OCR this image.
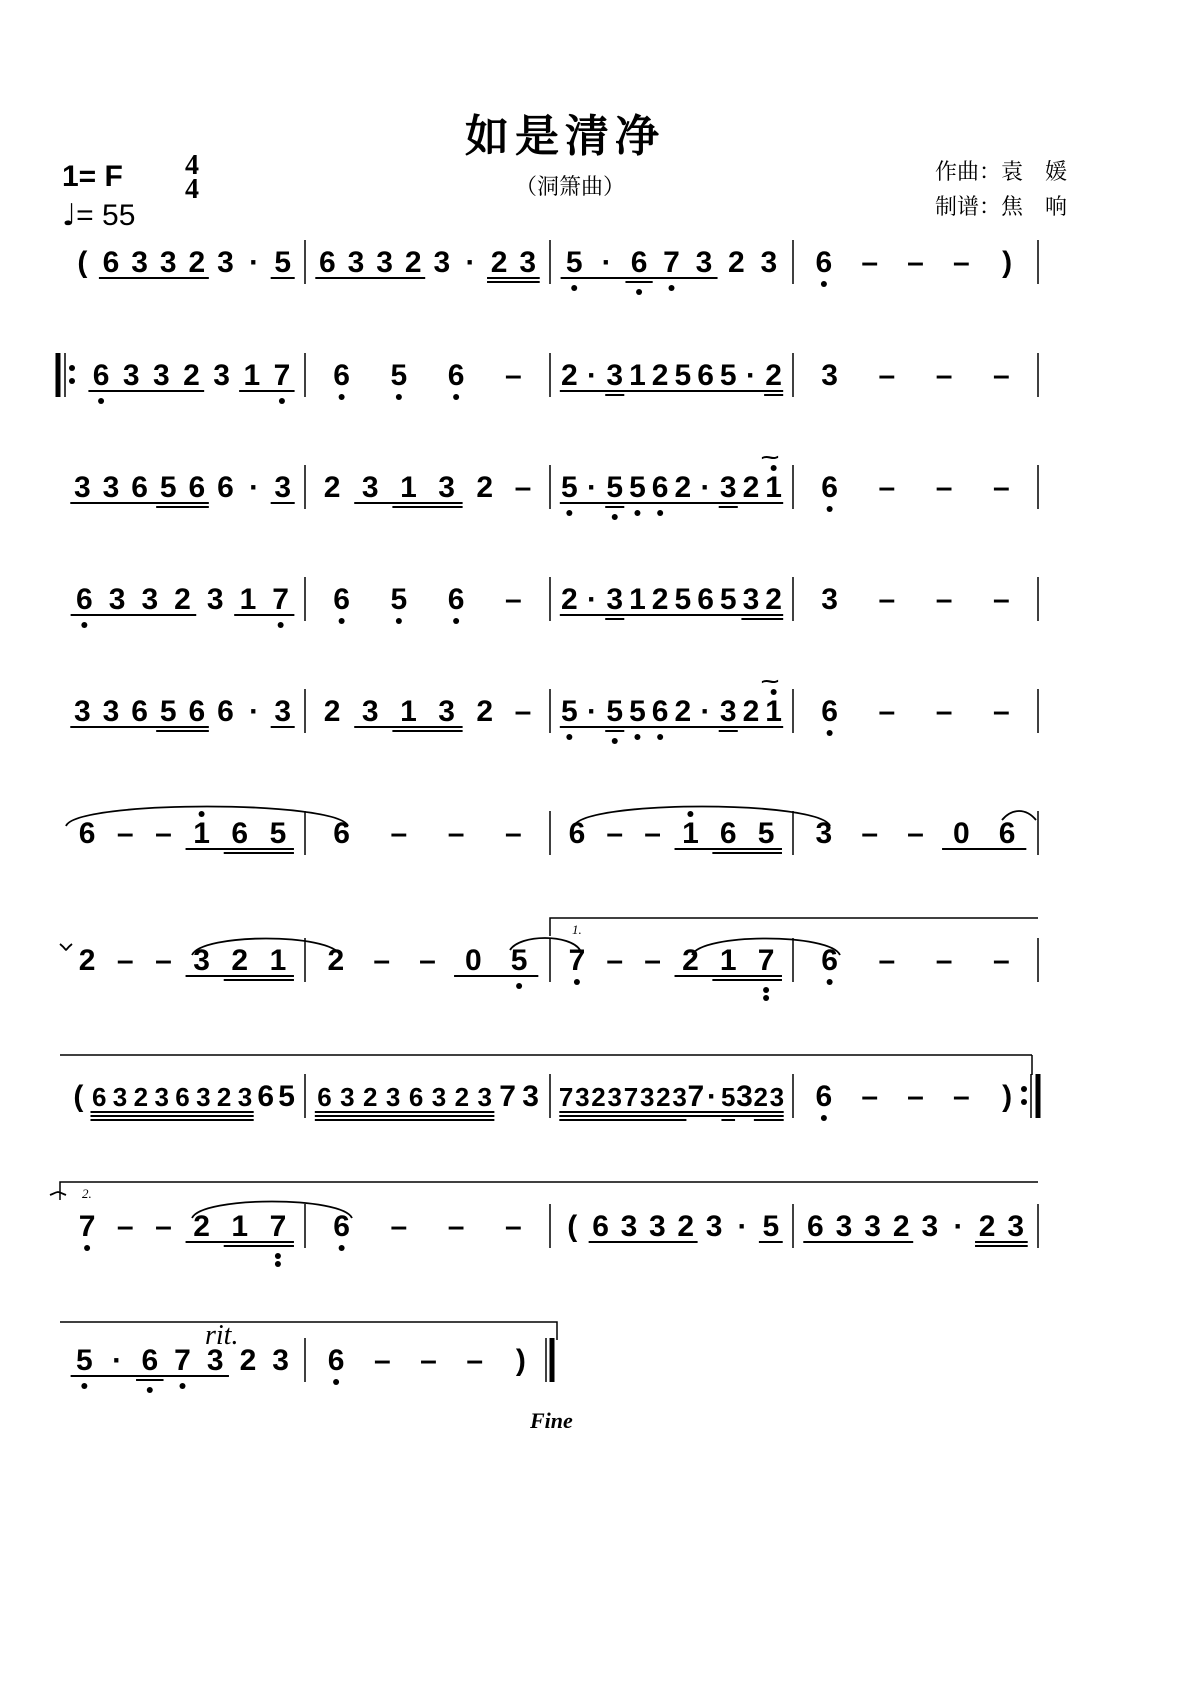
如是清净
（洞箫曲）
作曲：袁　媛
制谱：焦　响
1= F 4
4
♩= 55
( 6 3 3 2 3 · 5 6 3 3 2 3 · 2 3 5 · 6 7 3 2 3 6 – – – )
6 3 3 2 3 1 7 6 5 6 – 2 · 3 1 2 5 6 5 · 2 3 – – –
3 3 6 5 6 6 · 3 2 3 1 3 2 – 5 · 5 5 6 2 · 3 2 1 6 – – –
6 3 3 2 3 1 7 6 5 6 – 2 · 3 1 2 5 6 5 3 2 3 – – –
3 3 6 5 6 6 · 3 2 3 1 3 2 – 5 · 5 5 6 2 · 3 2 1 6 – – –
6 – – 1 6 5 6 – – – 6 – – 1 6 5 3 – – 0 6
2 – – 3 2 1 2 – – 0 5 7 – – 2 1 7 6 – – –
( 6 3 2 3 6 3 2 3 6 5 6 3 2 3 6 3 2 3 7 3 7 3 2 3 7 3 2 3 7 · 5 3 2 3 6 – – – )
7 – – 2 1 7 6 – – – ( 6 3 3 2 3 · 5 6 3 3 2 3 · 2 3
5 · 6 7 3 2 3 6 – – – )
⁓
⁓
1.
2.
rit.
Fine
